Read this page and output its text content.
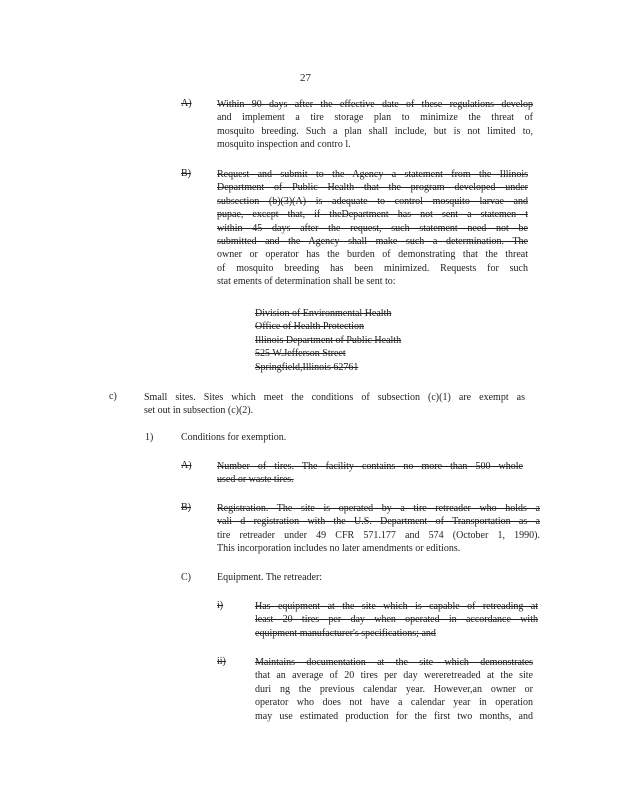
27
A)	Within 90 days after the effective date of these regulations develop
and implement a tire storage plan to minimize the threat of
mosquito breeding. Such a plan shall include, but is not limited to,
mosquito inspection and contro l.
B)	Request and submit to the Agency a statement from the Illinois
Department of Public Health that the program developed under
subsection (b)(3)(A) is adequate to control mosquito larvae and
pupae, except that, if theDepartment has not sent a statemen t
within 45 days after the request, such statement need not be
submitted and the Agency shall make such a determination. The
owner or operator has the burden of demonstrating that the threat
of mosquito breeding has been minimized. Requests for such
stat ements of determination shall be sent to:
Division of Environmental Health
Office of Health Protection
Illinois Department of Public Health
525 W.Jefferson Street
Springfield,Illinois 62761
c)	Small sites. Sites which meet the conditions of subsection (c)(1) are exempt as
set out in subsection (c)(2).
1)	Conditions for exemption.
A)	Number of tires. The facility contains no more than 500 whole
used or waste tires.
B)	Registration. The site is operated by a tire retreader who holds a
vali d registration with the U.S. Department of Transportation as a
tire retreader under 49 CFR 571.177 and 574 (October 1, 1990).
This incorporation includes no later amendments or editions.
C)	Equipment. The retreader:
i)	Has equipment at the site which is capable of retreading at
least 20 tires per day when operated in accordance with
equipment manufacturer's specifications; and
ii)	Maintains documentation at the site which demonstrates
that an average of 20 tires per day wereretreaded at the site
duri ng the previous calendar year. However,an owner or
operator who does not have a calendar year in operation
may use estimated production for the first two months, and
